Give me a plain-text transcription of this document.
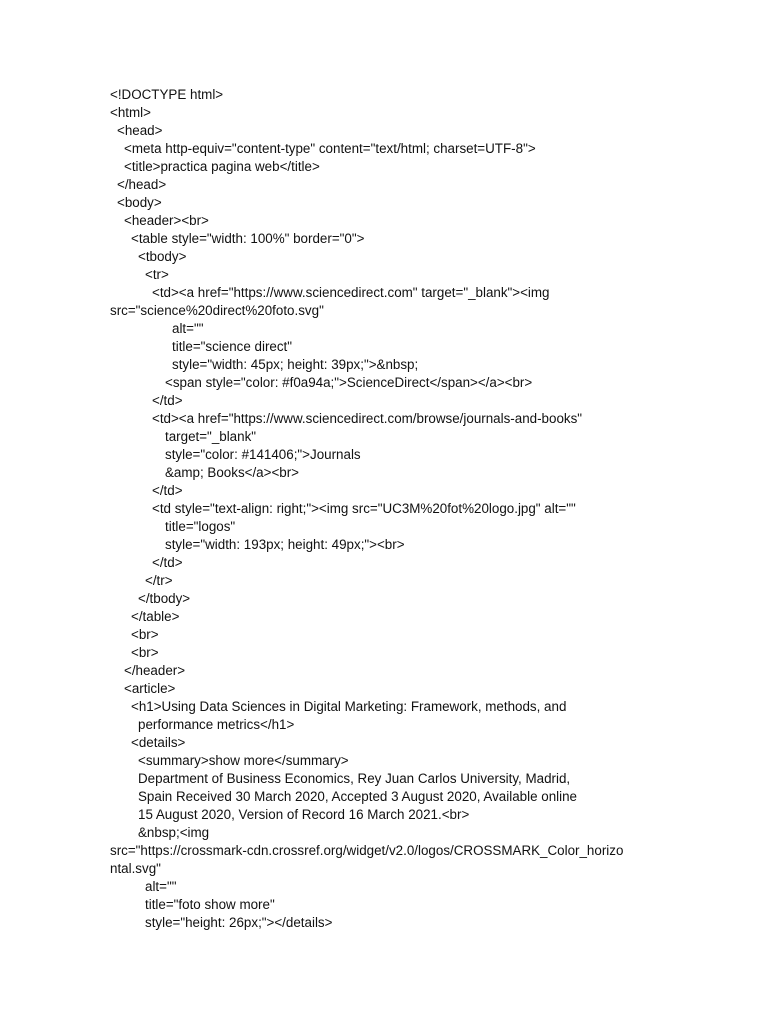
<!DOCTYPE html>
<html>
<head>
<meta http-equiv="content-type" content="text/html; charset=UTF-8">
<title>practica pagina web</title>
</head>
<body>
<header><br>
<table style="width: 100%" border="0">
<tbody>
<tr>
<td><a href="https://www.sciencedirect.com" target="_blank"><img
src="science%20direct%20foto.svg"
alt=""
title="science direct"
style="width: 45px; height: 39px;">&nbsp;
<span style="color: #f0a94a;">ScienceDirect</span></a><br>
</td>
<td><a href="https://www.sciencedirect.com/browse/journals-and-books"
target="_blank"
style="color: #141406;">Journals
&amp; Books</a><br>
</td>
<td style="text-align: right;"><img src="UC3M%20fot%20logo.jpg" alt=""
title="logos"
style="width: 193px; height: 49px;"><br>
</td>
</tr>
</tbody>
</table>
<br>
<br>
</header>
<article>
<h1>Using Data Sciences in Digital Marketing: Framework, methods, and
performance metrics</h1>
<details>
<summary>show more</summary>
Department of Business Economics, Rey Juan Carlos University, Madrid,
Spain Received 30 March 2020, Accepted 3 August 2020, Available online
15 August 2020, Version of Record 16 March 2021.<br>
&nbsp;<img
src="https://crossmark-cdn.crossref.org/widget/v2.0/logos/CROSSMARK_Color_horizo
ntal.svg"
alt=""
title="foto show more"
style="height: 26px;"></details>
